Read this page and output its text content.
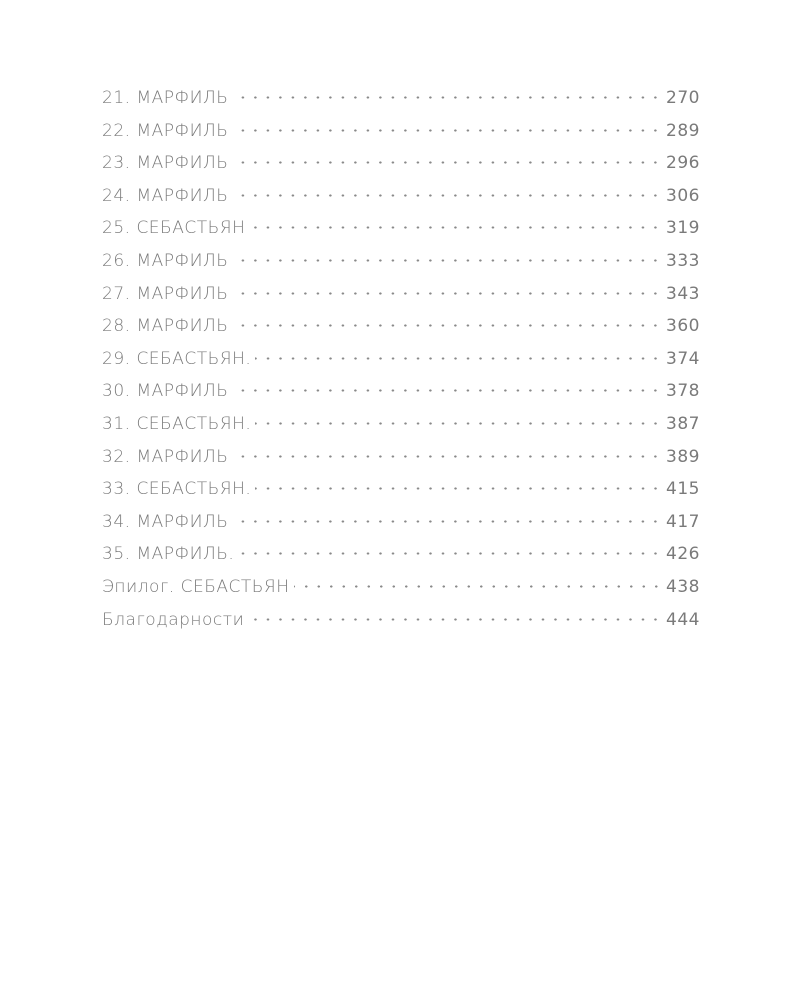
21. МАРФИЛЬ	270
22. МАРФИЛЬ	289
23. МАРФИЛЬ	296
24. МАРФИЛЬ	306
25. СЕБАСТЬЯН	319
26. МАРФИЛЬ	333
27. МАРФИЛЬ	343
28. МАРФИЛЬ	360
29. СЕБАСТЬЯН.	374
30. МАРФИЛЬ	378
31. СЕБАСТЬЯН.	387
32. МАРФИЛЬ	389
33. СЕБАСТЬЯН.	415
34. МАРФИЛЬ	417
35. МАРФИЛЬ.	426
Эпилог. СЕБАСТЬЯН	438
Благодарности	444
